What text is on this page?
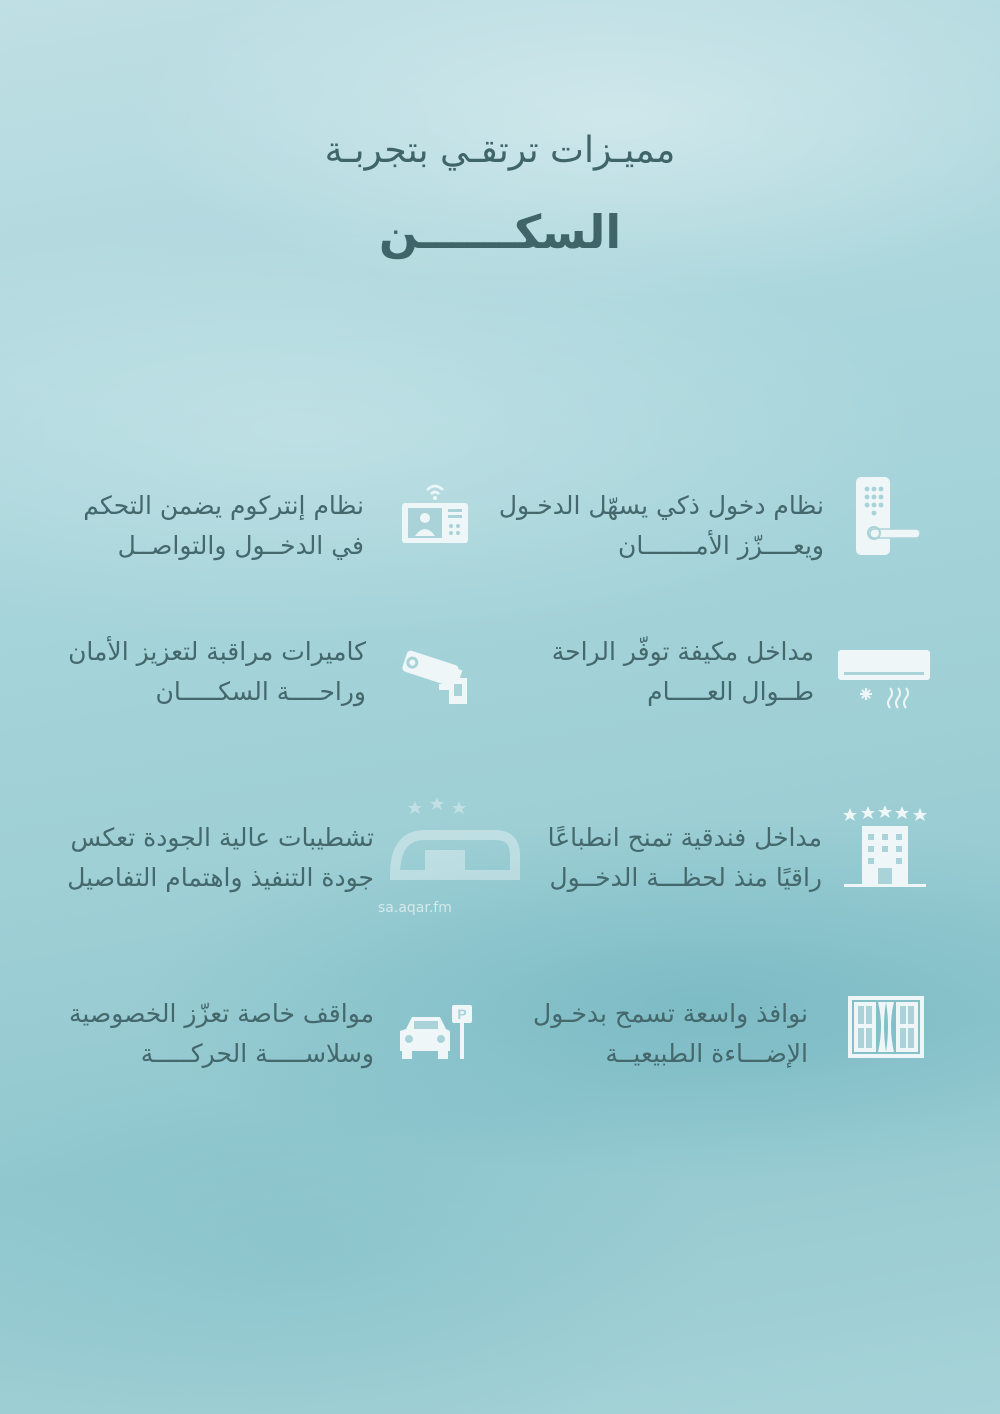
مميـزات ترتقـي بتجربـة
السكــــــن
نظام دخول ذكي يسهّل الدخـول
ويعــــزّز الأمـــــــان
نظام إنتركوم يضمن التحكم
في الدخــول والتواصــل
مداخل مكيفة توفّر الراحة
طــوال العـــــام
كاميرات مراقبة لتعزيز الأمان
وراحــــة السكـــــان
مداخل فندقية تمنح انطباعًا
راقيًا منذ لحظـــة الدخــول
تشطيبات عالية الجودة تعكس
جودة التنفيذ واهتمام التفاصيل
نوافذ واسعة تسمح بدخـول
الإضـــاءة الطبيعيــة
P
مواقف خاصة تعزّز الخصوصية
وسلاســـــة الحركـــــة
sa.aqar.fm
